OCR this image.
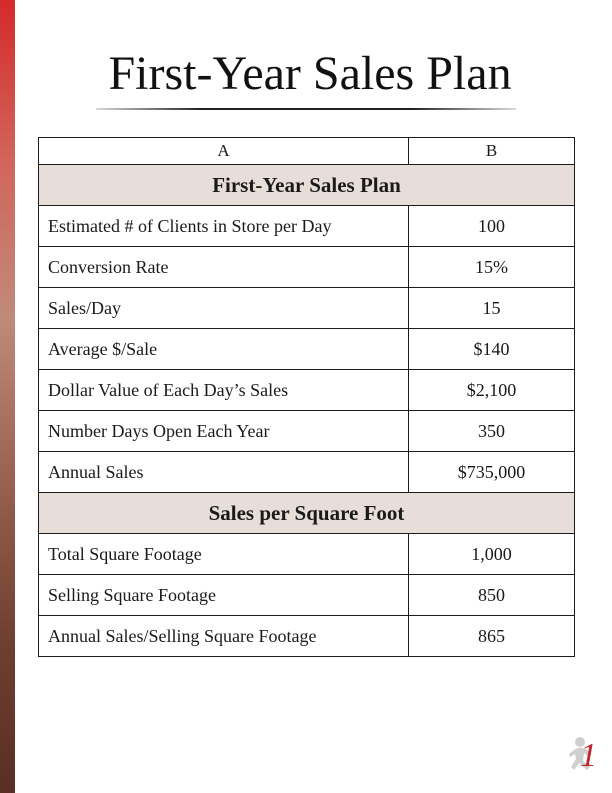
First-Year Sales Plan
A	B
First-Year Sales Plan	
Estimated # of Clients in Store per Day	100
Conversion Rate	15%
Sales/Day	15
Average $/Sale	$140
Dollar Value of Each Day’s Sales	$2,100
Number Days Open Each Year	350
Annual Sales	$735,000
Sales per Square Foot	
Total Square Footage	1,000
Selling Square Footage	850
Annual Sales/Selling Square Footage	865
1
